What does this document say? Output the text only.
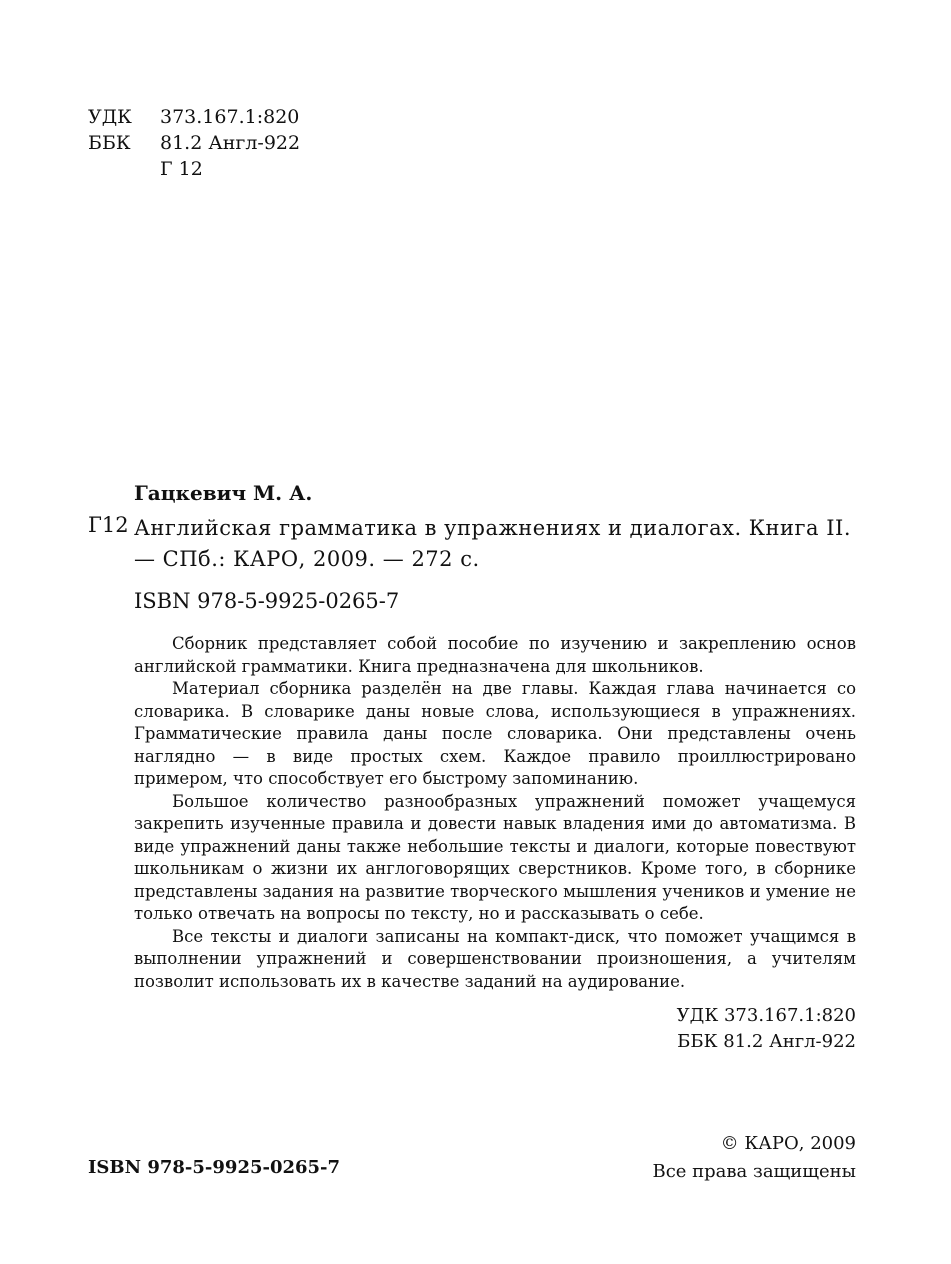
УДК	373.167.1:820
ББК	81.2 Англ-922
Г 12
Гацкевич М. А.
Г12 Английская грамматика в упражнениях и диалогах. Книга II. — СПб.: КАРО, 2009. — 272 с.
ISBN 978-5-9925-0265-7

Сборник представляет собой пособие по изучению и закреплению основ английской грамматики. Книга предназначена для школьников.

Материал сборника разделён на две главы. Каждая глава начинается со словарика. В словарике даны новые слова, использующиеся в упражнениях. Грамматические правила даны после словарика. Они представлены очень наглядно — в виде простых схем. Каждое правило проиллюстрировано примером, что способствует его быстрому запоминанию.

Большое количество разнообразных упражнений поможет учащемуся закрепить изученные правила и довести навык владения ими до автоматизма. В виде упражнений даны также небольшие тексты и диалоги, которые повествуют школьникам о жизни их англоговорящих сверстников. Кроме того, в сборнике представлены задания на развитие творческого мышления учеников и умение не только отвечать на вопросы по тексту, но и рассказывать о себе.

Все тексты и диалоги записаны на компакт-диск, что поможет учащимся в выполнении упражнений и совершенствовании произношения, а учителям позволит использовать их в качестве заданий на аудирование.

УДК 373.167.1:820
ББК 81.2 Англ-922
ISBN 978-5-9925-0265-7
© КАРО, 2009
Все права защищены
